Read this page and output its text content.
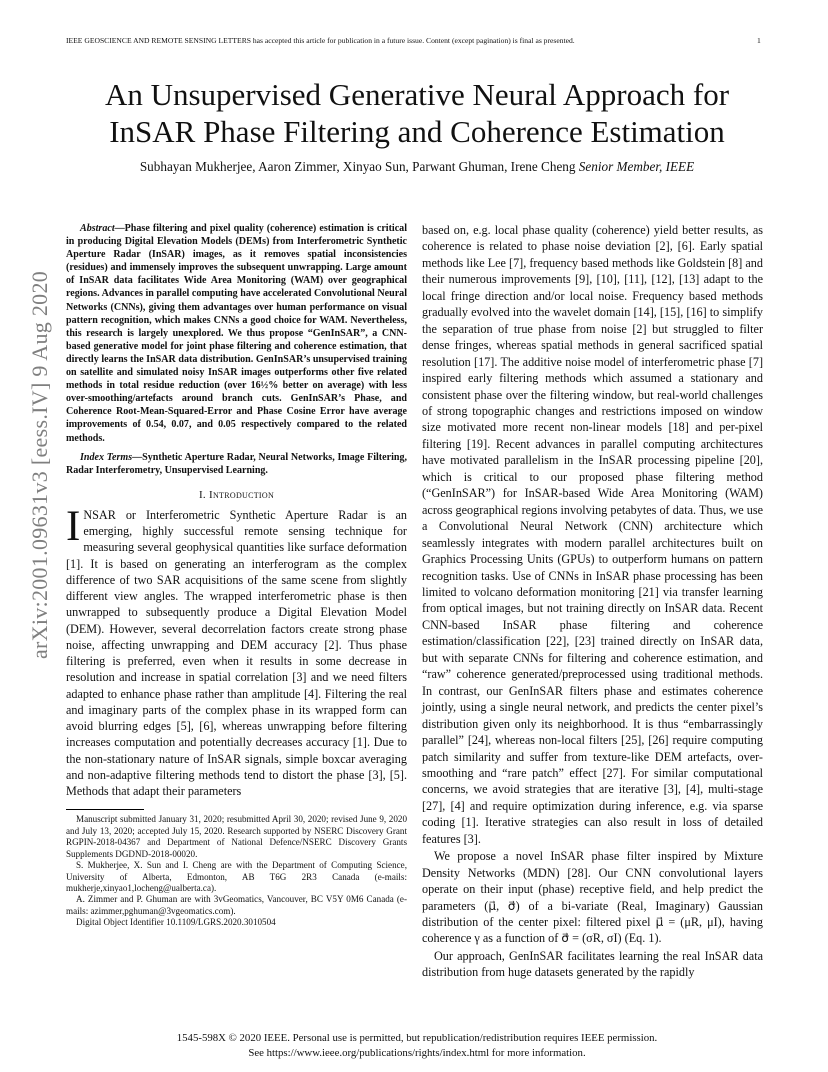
IEEE GEOSCIENCE AND REMOTE SENSING LETTERS has accepted this article for publication in a future issue. Content (except pagination) is final as presented.	1
arXiv:2001.09631v3 [eess.IV] 9 Aug 2020
An Unsupervised Generative Neural Approach for InSAR Phase Filtering and Coherence Estimation
Subhayan Mukherjee, Aaron Zimmer, Xinyao Sun, Parwant Ghuman, Irene Cheng Senior Member, IEEE

Abstract—Phase filtering and pixel quality (coherence) estimation is critical in producing Digital Elevation Models (DEMs) from Interferometric Synthetic Aperture Radar (InSAR) images, as it removes spatial inconsistencies (residues) and immensely improves the subsequent unwrapping. Large amount of InSAR data facilitates Wide Area Monitoring (WAM) over geographical regions. Advances in parallel computing have accelerated Convolutional Neural Networks (CNNs), giving them advantages over human performance on visual pattern recognition, which makes CNNs a good choice for WAM. Nevertheless, this research is largely unexplored. We thus propose “GenInSAR”, a CNN-based generative model for joint phase filtering and coherence estimation, that directly learns the InSAR data distribution. GenInSAR’s unsupervised training on satellite and simulated noisy InSAR images outperforms other five related methods in total residue reduction (over 16½% better on average) with less over-smoothing/artefacts around branch cuts. GenInSAR’s Phase, and Coherence Root-Mean-Squared-Error and Phase Cosine Error have average improvements of 0.54, 0.07, and 0.05 respectively compared to the related methods.

Index Terms—Synthetic Aperture Radar, Neural Networks, Image Filtering, Radar Interferometry, Unsupervised Learning.

I. Introduction

INSAR or Interferometric Synthetic Aperture Radar is an emerging, highly successful remote sensing technique for measuring several geophysical quantities like surface deformation [1]. It is based on generating an interferogram as the complex difference of two SAR acquisitions of the same scene from slightly different view angles. The wrapped interferometric phase is then unwrapped to subsequently produce a Digital Elevation Model (DEM). However, several decorrelation factors create strong phase noise, affecting unwrapping and DEM accuracy [2]. Thus phase filtering is preferred, even when it results in some decrease in resolution and increase in spatial correlation [3] and we need filters adapted to enhance phase rather than amplitude [4]. Filtering the real and imaginary parts of the complex phase in its wrapped form can avoid blurring edges [5], [6], whereas unwrapping before filtering increases computation and potentially decreases accuracy [1]. Due to the non-stationary nature of InSAR signals, simple boxcar averaging and non-adaptive filtering methods tend to distort the phase [3], [5]. Methods that adapt their parameters

Manuscript submitted January 31, 2020; resubmitted April 30, 2020; revised June 9, 2020 and July 13, 2020; accepted July 15, 2020. Research supported by NSERC Discovery Grant RGPIN-2018-04367 and Department of National Defence/NSERC Discovery Grants Supplements DGDND-2018-00020.

S. Mukherjee, X. Sun and I. Cheng are with the Department of Computing Science, University of Alberta, Edmonton, AB T6G 2R3 Canada (e-mails: mukherje,xinyao1,locheng@ualberta.ca).

A. Zimmer and P. Ghuman are with 3vGeomatics, Vancouver, BC V5Y 0M6 Canada (e-mails: azimmer,pghuman@3vgeomatics.com).

Digital Object Identifier 10.1109/LGRS.2020.3010504

based on, e.g. local phase quality (coherence) yield better results, as coherence is related to phase noise deviation [2], [6]. Early spatial methods like Lee [7], frequency based methods like Goldstein [8] and their numerous improvements [9], [10], [11], [12], [13] adapt to the local fringe direction and/or local noise. Frequency based methods gradually evolved into the wavelet domain [14], [15], [16] to simplify the separation of true phase from noise [2] but struggled to filter dense fringes, whereas spatial methods in general sacrificed spatial resolution [17]. The additive noise model of interferometric phase [7] inspired early filtering methods which assumed a stationary and consistent phase over the filtering window, but real-world challenges of strong topographic changes and restrictions imposed on window size motivated more recent non-linear models [18] and per-pixel filtering [19]. Recent advances in parallel computing architectures have motivated parallelism in the InSAR processing pipeline [20], which is critical to our proposed phase filtering method (“GenInSAR”) for InSAR-based Wide Area Monitoring (WAM) across geographical regions involving petabytes of data. Thus, we use a Convolutional Neural Network (CNN) architecture which seamlessly integrates with modern parallel architectures built on Graphics Processing Units (GPUs) to outperform humans on pattern recognition tasks. Use of CNNs in InSAR phase processing has been limited to volcano deformation monitoring [21] via transfer learning from optical images, but not training directly on InSAR data. Recent CNN-based InSAR phase filtering and coherence estimation/classification [22], [23] trained directly on InSAR data, but with separate CNNs for filtering and coherence estimation, and “raw” coherence generated/preprocessed using traditional methods. In contrast, our GenInSAR filters phase and estimates coherence jointly, using a single neural network, and predicts the center pixel’s distribution given only its neighborhood. It is thus “embarrassingly parallel” [24], whereas non-local filters [25], [26] require computing patch similarity and suffer from texture-like DEM artefacts, over-smoothing and “rare patch” effect [27]. For similar computational concerns, we avoid strategies that are iterative [3], [4], multi-stage [27], [4] and require optimization during inference, e.g. via sparse coding [1]. Iterative strategies can also result in loss of detailed features [3].

We propose a novel InSAR phase filter inspired by Mixture Density Networks (MDN) [28]. Our CNN convolutional layers operate on their input (phase) receptive field, and help predict the parameters (μ⃗, σ⃗) of a bi-variate (Real, Imaginary) Gaussian distribution of the center pixel: filtered pixel μ⃗ = (μR, μI), having coherence γ as a function of σ⃗ = (σR, σI) (Eq. 1).

Our approach, GenInSAR facilitates learning the real InSAR data distribution from huge datasets generated by the rapidly

1545-598X © 2020 IEEE. Personal use is permitted, but republication/redistribution requires IEEE permission.
See https://www.ieee.org/publications/rights/index.html for more information.
